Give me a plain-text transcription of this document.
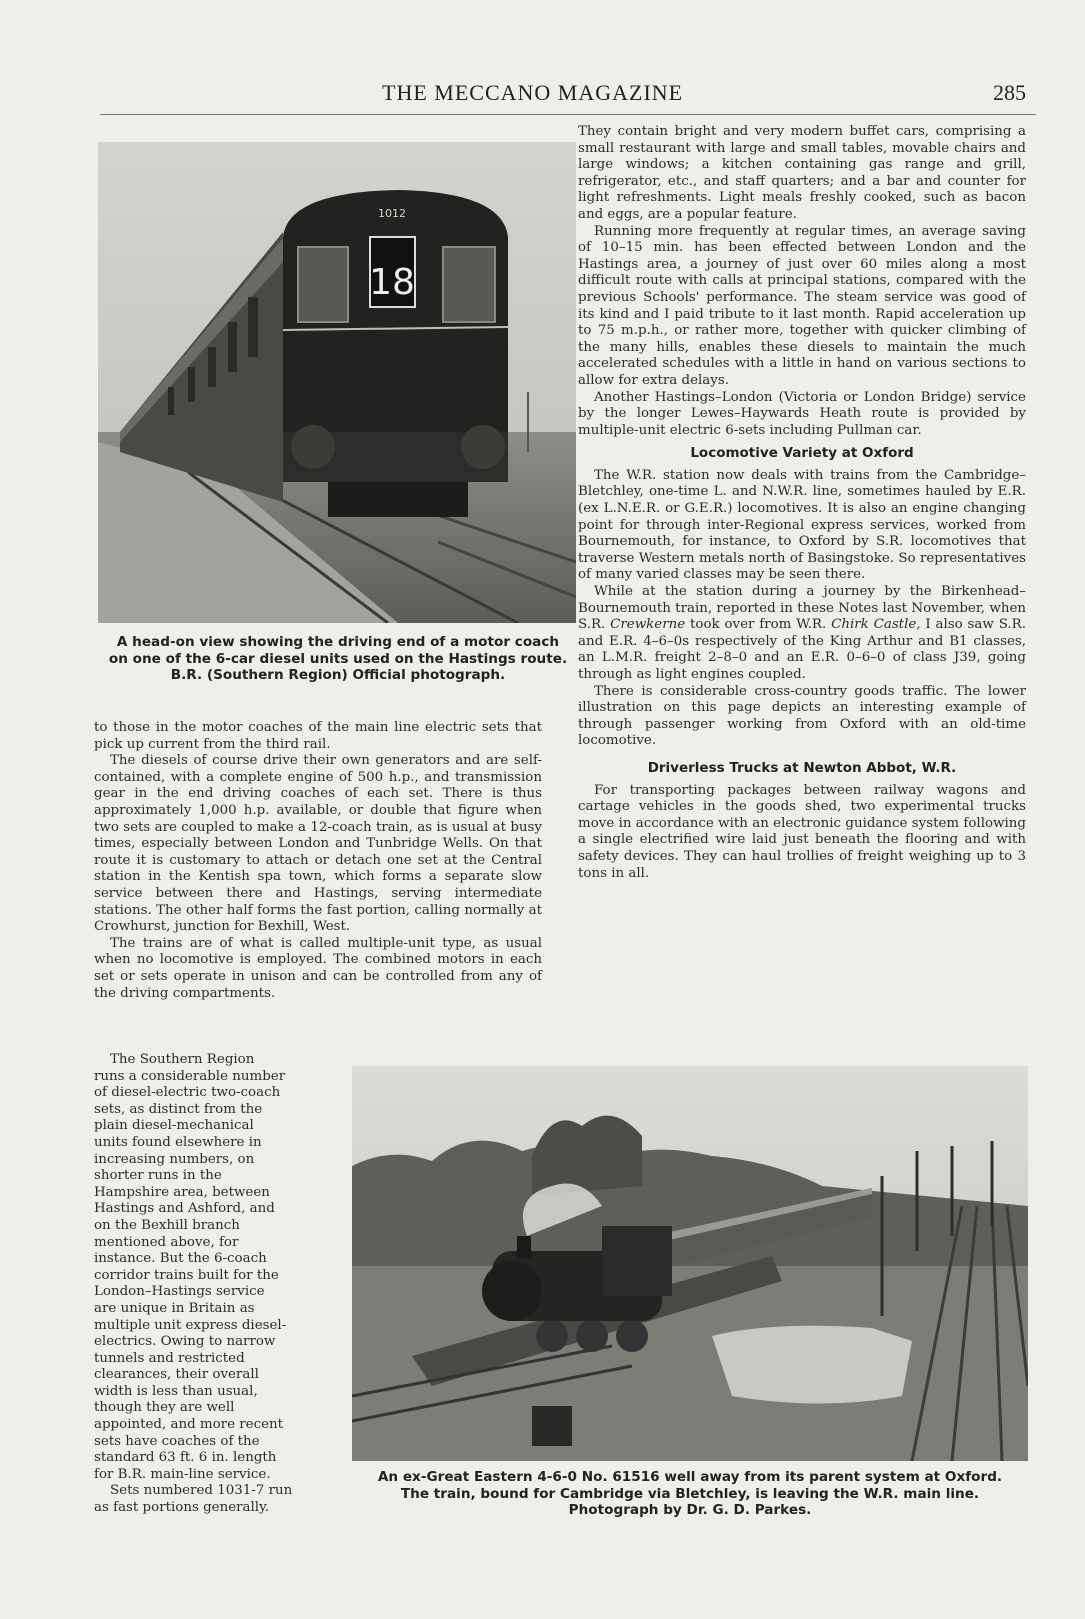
THE MECCANO MAGAZINE	285
1012
18
A head-on view showing the driving end of a motor coach
on one of the 6-car diesel units used on the Hastings route.
B.R. (Southern Region) Official photograph.

They contain bright and very modern buffet cars, comprising a small restaurant with large and small tables, movable chairs and large windows; a kitchen containing gas range and grill, refrigerator, etc., and staff quarters; and a bar and counter for light refreshments. Light meals freshly cooked, such as bacon and eggs, are a popular feature.

Running more frequently at regular times, an average saving of 10–15 min. has been effected between London and the Hastings area, a journey of just over 60 miles along a most difficult route with calls at principal stations, compared with the previous Schools' performance. The steam service was good of its kind and I paid tribute to it last month. Rapid acceleration up to 75 m.p.h., or rather more, together with quicker climbing of the many hills, enables these diesels to maintain the much accelerated schedules with a little in hand on various sections to allow for extra delays.

Another Hastings–London (Victoria or London Bridge) service by the longer Lewes–Haywards Heath route is provided by multiple-unit electric 6-sets including Pullman car.

Locomotive Variety at Oxford

The W.R. station now deals with trains from the Cambridge–Bletchley, one-time L. and N.W.R. line, sometimes hauled by E.R. (ex L.N.E.R. or G.E.R.) locomotives. It is also an engine changing point for through inter-Regional express services, worked from Bournemouth, for instance, to Oxford by S.R. locomotives that traverse Western metals north of Basingstoke. So representatives of many varied classes may be seen there.

While at the station during a journey by the Birkenhead–Bournemouth train, reported in these Notes last November, when S.R. Crewkerne took over from W.R. Chirk Castle, I also saw S.R. and E.R. 4–6–0s respectively of the King Arthur and B1 classes, an L.M.R. freight 2–8–0 and an E.R. 0–6–0 of class J39, going through as light engines coupled.

There is considerable cross-country goods traffic. The lower illustration on this page depicts an interesting example of through passenger working from Oxford with an old-time locomotive.

Driverless Trucks at Newton Abbot, W.R.

For transporting packages between railway wagons and cartage vehicles in the goods shed, two experimental trucks move in accordance with an electronic guidance system following a single electrified wire laid just beneath the flooring and with safety devices. They can haul trollies of freight weighing up to 3 tons in all.

to those in the motor coaches of the main line electric sets that pick up current from the third rail.

The diesels of course drive their own generators and are self-contained, with a complete engine of 500 h.p., and transmission gear in the end driving coaches of each set. There is thus approximately 1,000 h.p. available, or double that figure when two sets are coupled to make a 12-coach train, as is usual at busy times, especially between London and Tunbridge Wells. On that route it is customary to attach or detach one set at the Central station in the Kentish spa town, which forms a separate slow service between there and Hastings, serving intermediate stations. The other half forms the fast portion, calling normally at Crowhurst, junction for Bexhill, West.

The trains are of what is called multiple-unit type, as usual when no locomotive is employed. The combined motors in each set or sets operate in unison and can be controlled from any of the driving compartments.

The Southern Region
runs a considerable number
of diesel-electric two-coach
sets, as distinct from the
plain diesel-mechanical
units found elsewhere in
increasing numbers, on
shorter runs in the
Hampshire area, between
Hastings and Ashford, and
on the Bexhill branch
mentioned above, for
instance. But the 6-coach
corridor trains built for the
London–Hastings service
are unique in Britain as
multiple unit express diesel-
electrics. Owing to narrow
tunnels and restricted
clearances, their overall
width is less than usual,
though they are well
appointed, and more recent
sets have coaches of the
standard 63 ft. 6 in. length
for B.R. main-line service.
Sets numbered 1031-7 run
as fast portions generally.
An ex-Great Eastern 4-6-0 No. 61516 well away from its parent system at Oxford.
The train, bound for Cambridge via Bletchley, is leaving the W.R. main line.
Photograph by Dr. G. D. Parkes.
